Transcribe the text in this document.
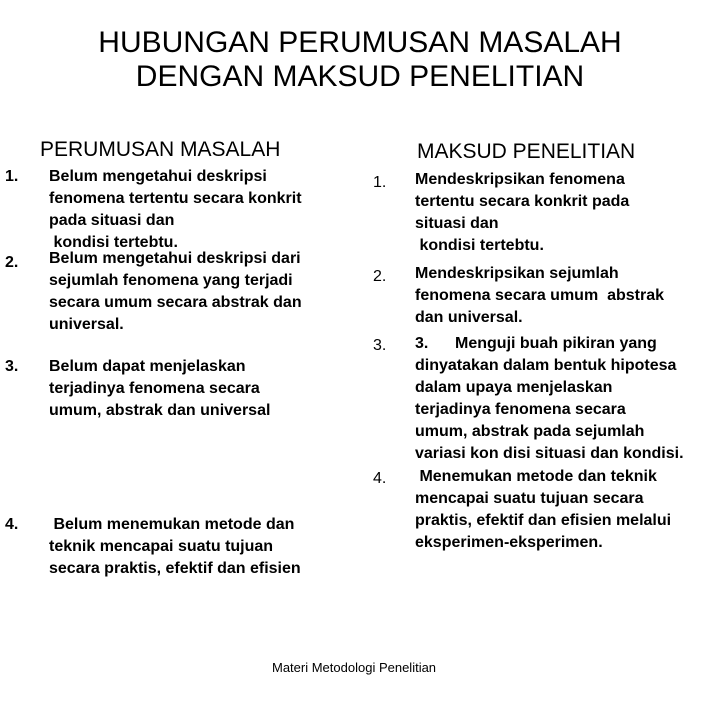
HUBUNGAN PERUMUSAN MASALAH
DENGAN MAKSUD PENELITIAN
PERUMUSAN MASALAH	MAKSUD PENELITIAN
1. Belum mengetahui deskripsi
fenomena tertentu secara konkrit
pada situasi dan
kondisi tertebtu.
2. Belum mengetahui deskripsi dari
sejumlah fenomena yang terjadi
secara umum secara abstrak dan
universal.
3. Belum dapat menjelaskan
terjadinya fenomena secara
umum, abstrak dan universal
4. Belum menemukan metode dan
teknik mencapai suatu tujuan
secara praktis, efektif dan efisien
1. Mendeskripsikan fenomena
tertentu secara konkrit pada
situasi dan
kondisi tertebtu.
2. Mendeskripsikan sejumlah
fenomena secara umum  abstrak
dan universal.
3. 3.      Menguji buah pikiran yang
dinyatakan dalam bentuk hipotesa
dalam upaya menjelaskan
terjadinya fenomena secara
umum, abstrak pada sejumlah
variasi kon disi situasi dan kondisi.
4. Menemukan metode dan teknik
mencapai suatu tujuan secara
praktis, efektif dan efisien melalui
eksperimen-eksperimen.
Materi Metodologi Penelitian
